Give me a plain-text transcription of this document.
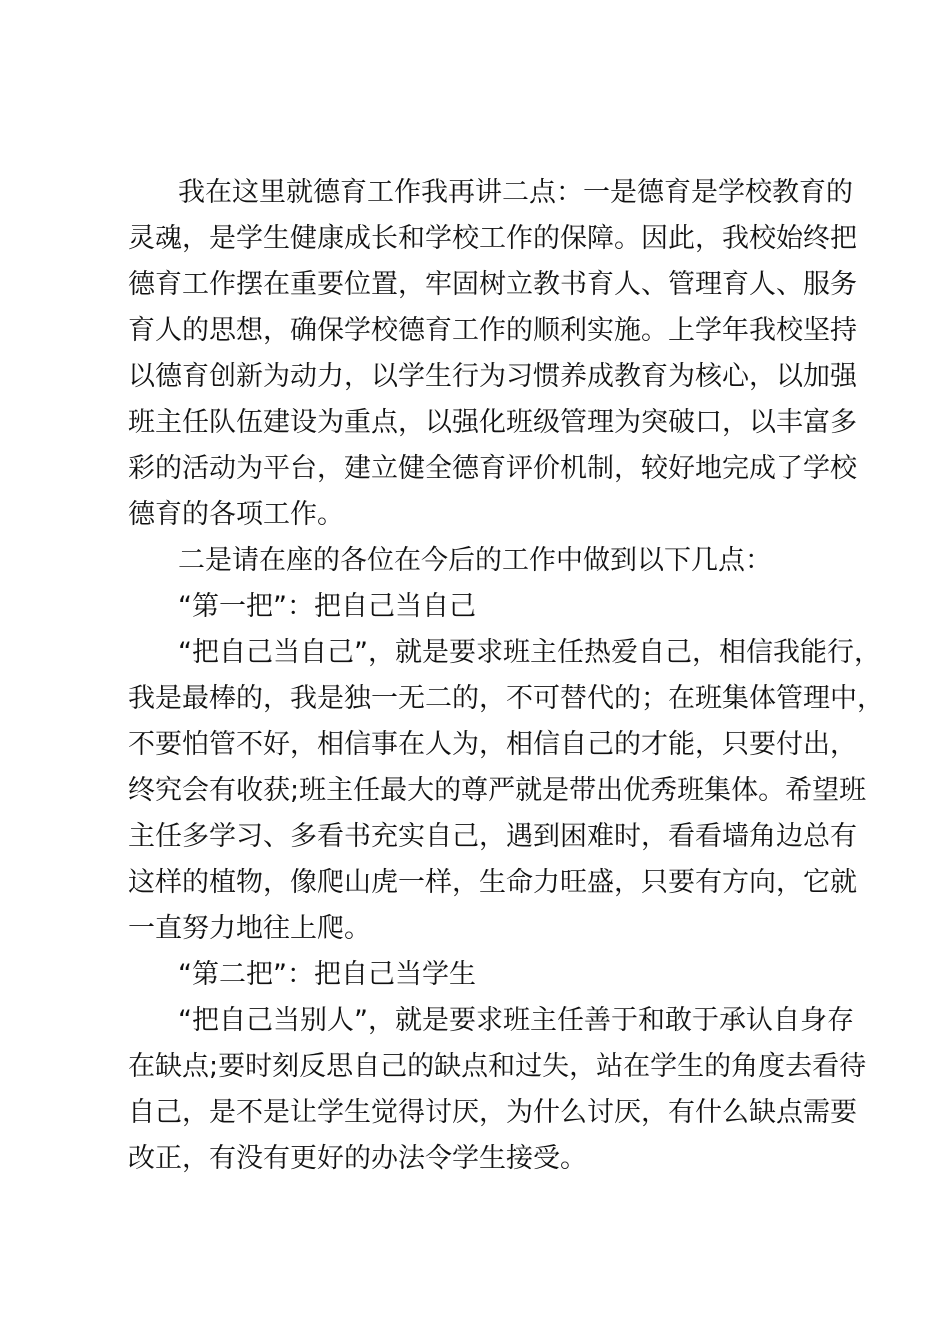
我在这里就德育工作我再讲二点：一是德育是学校教育的
灵魂，是学生健康成长和学校工作的保障。因此，我校始终把
德育工作摆在重要位置，牢固树立教书育人、管理育人、服务
育人的思想，确保学校德育工作的顺利实施。上学年我校坚持
以德育创新为动力，以学生行为习惯养成教育为核心，以加强
班主任队伍建设为重点，以强化班级管理为突破口，以丰富多
彩的活动为平台，建立健全德育评价机制，较好地完成了学校
德育的各项工作。
二是请在座的各位在今后的工作中做到以下几点：
“第一把”：把自己当自己
“把自己当自己”，就是要求班主任热爱自己，相信我能行，
我是最棒的，我是独一无二的，不可替代的；在班集体管理中，
不要怕管不好，相信事在人为，相信自己的才能，只要付出，
终究会有收获;班主任最大的尊严就是带出优秀班集体。希望班
主任多学习、多看书充实自己，遇到困难时，看看墙角边总有
这样的植物，像爬山虎一样，生命力旺盛，只要有方向，它就
一直努力地往上爬。
“第二把”：把自己当学生
“把自己当别人”，就是要求班主任善于和敢于承认自身存
在缺点;要时刻反思自己的缺点和过失，站在学生的角度去看待
自己，是不是让学生觉得讨厌，为什么讨厌，有什么缺点需要
改正，有没有更好的办法令学生接受。
